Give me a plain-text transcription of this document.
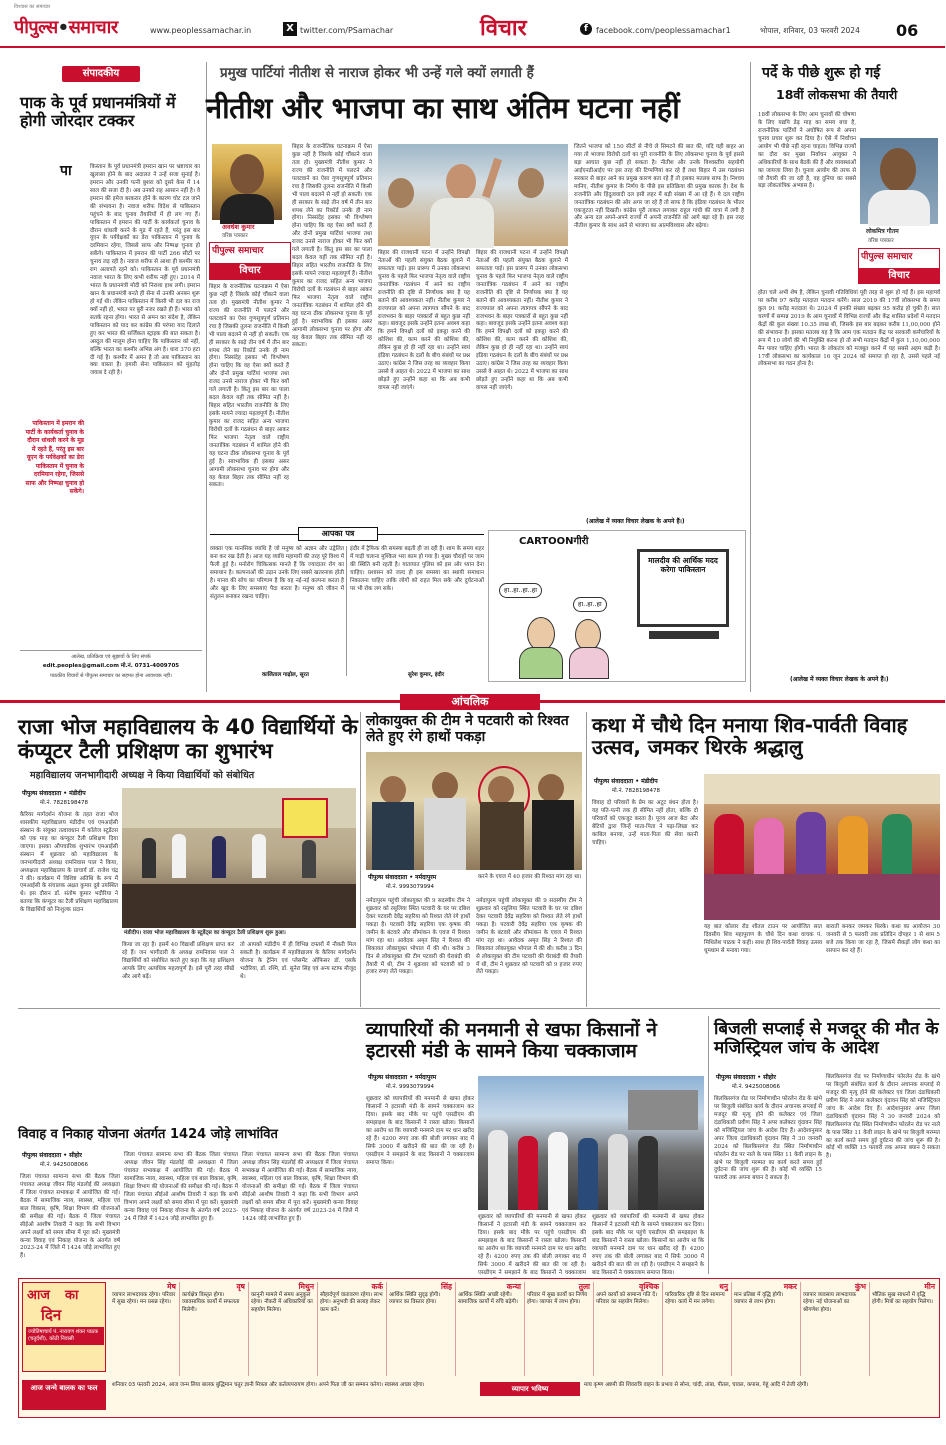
विश्वास का समाचार
पीपुल्स•समाचार	www.peoplessamachar.in	X twitter.com/PSamachar	विचार	f	facebook.com/peoplessamachar1	भोपाल, शनिवार, 03 फरवरी 2024 06
संपादकीय
पाक के पूर्व प्रधानमंत्रियों में होगी जोरदार टक्कर
पा	किस्तान के पूर्व प्रधानमंत्री इमरान खान पर भ्रष्टाचार का खुलासा होने के बाद अदालत ने उन्हें सजा सुनाई है। इमरान और उनकी पत्नी बुशरा को दूसरे केस में 14 साल की सजा दी है। अब उनको राह आसान नहीं है। वे इमरान की इमेज बरकरार होने के कारण चोट टल जाने की संभावना है। नवाज शरीफ विदेश से पाकिस्तान पहुंचने के बाद चुनाव तैयारियों में ही लग गए हैं। पाकिस्तान में इमरान की पार्टी के कार्यकर्ता चुनाव के दौरान धांधली करने के मूड में रहते हैं, परंतु इस बार यूएन के पर्यवेक्षकों का डेरा पाकिस्तान में चुनाव के दरमियान रहेगा, जिससे साफ और निष्पक्ष चुनाव हो सकेंगे। पाकिस्तान में इमरान की पार्टी 266 सीटों पर चुनाव लड़ रही है। नवाज शरीफ से आशा ही कश्मीर का राग अलापते रहने को। पाकिस्तान के पूर्व प्रधानमंत्री नवाज भारत के लिए कभी शरीफ नहीं हुए। 2014 में भारत के प्रधानमंत्री मोदी को निराशा हाथ लगी। इमरान खान के प्रधानमंत्री बनते ही सेना से उनकी अनबन शुरू हो गई थी। लेकिन पाकिस्तान में किसी भी दल का राज क्यों नहीं हो, भारत पर बुरी नजर रखते ही हैं। भारत को सतर्क रहना होगा। भारत से अमन का संदेश है, लेकिन पाकिस्तान को याद कर कांग्रेस की परंपरा याद दिलाते हुए कर भारत की सर्जिकल स्ट्राइक की बात सकता है। अब्दुल की मालूम होना चाहिए कि पाकिस्तान को नहीं, बल्कि भारत का कश्मीर अभिन्न अंग है। धारा 370 हटा दी गई है। कश्मीर में अमन है तो अब पाकिस्तान का क्या वास्ता है। हमारी सेना पाकिस्तान को मुंहतोड़ जवाब दे रही है।
पाकिस्तान में इमरान की पार्टी के कार्यकर्ता चुनाव के दौरान धांधली करने के मूड में रहते हैं, परंतु इस बार यूएन के पर्यवेक्षकों का डेरा पाकिस्तान में चुनाव के दरमियान रहेगा, जिससे साफ और निष्पक्ष चुनाव हो सकेंगे।
आलेख, प्रतिक्रिया एवं सुझावों के लिए संपर्क
edit.peoples@gmail.com मो.नं. 0731-4009705
पाठकीय विचारों से पीपुल्स समाचार का सहमत होना आवश्यक नहीं।
प्रमुख पार्टियां नीतीश से नाराज होकर भी उन्हें गले क्यों लगाती हैं
नीतीश और भाजपा का साथ अंतिम घटना नहीं
अवधेश कुमार
वरिष्ठ पत्रकार
पीपुल्स समाचार
विचार
बिहार के राजनीतिक घटनाक्रम में ऐसा कुछ नहीं है जिसके कोई चौंकाने वाला तत्व हो। मुख्यमंत्री नीतीश कुमार ने राज्य की राजनीति में पलटने और पलटवाने का ऐसा गुणसूत्रपूर्ण प्रतिमान रचा है जिसकी तुलना राजनीति में किसी भी पाला बदलने से नहीं हो सकती। एक ही सरकार के साढ़े तीन वर्ष में तीन बार शपथ लेने का रिकॉर्ड उनके ही नाम होगा। निस्संदेह इसका भी विश्लेषण होना चाहिए कि वह ऐसा क्यों करते हैं और दोनों प्रमुख पार्टियां भाजपा तथा राजद उनसे नाराज होकर भी फिर क्यों गले लगाती है। किंतु इस बार का पाला बदल केवल यहीं तक सीमित नहीं है। बिहार सहित भारतीय राजनीति के लिए इसके मायने ज्यादा महत्वपूर्ण हैं। नीतीश कुमार का राजद सहित अन्य भाजपा विरोधी दलों के गठबंधन से बाहर आकर फिर भाजपा नेतृत्व वाले राष्ट्रीय जनतांत्रिक गठबंधन में शामिल होने की यह घटना ठीक लोकसभा चुनाव के पूर्व हुई है। स्वाभाविक ही इसका असर आगामी लोकसभा चुनाव पर होगा और यह केवल बिहार तक सीमित नहीं रह सकता।
बिहार के राजनीतिक घटनाक्रम में ऐसा कुछ नहीं है जिसके कोई चौंकाने वाला तत्व हो। मुख्यमंत्री नीतीश कुमार ने राज्य की राजनीति में पलटने और पलटवाने का ऐसा गुणसूत्रपूर्ण प्रतिमान रचा है जिसकी तुलना राजनीति में किसी भी पाला बदलने से नहीं हो सकती। एक ही सरकार के साढ़े तीन वर्ष में तीन बार शपथ लेने का रिकॉर्ड उनके ही नाम होगा। निस्संदेह इसका भी विश्लेषण होना चाहिए कि वह ऐसा क्यों करते हैं और दोनों प्रमुख पार्टियां भाजपा तथा राजद उनसे नाराज होकर भी फिर क्यों गले लगाती है। किंतु इस बार का पाला बदल केवल यहीं तक सीमित नहीं है। बिहार सहित भारतीय राजनीति के लिए इसके मायने ज्यादा महत्वपूर्ण हैं। नीतीश कुमार का राजद सहित अन्य भाजपा विरोधी दलों के गठबंधन से बाहर आकर फिर भाजपा नेतृत्व वाले राष्ट्रीय जनतांत्रिक गठबंधन में शामिल होने की यह घटना ठीक लोकसभा चुनाव के पूर्व हुई है। स्वाभाविक ही इसका असर आगामी लोकसभा चुनाव पर होगा और यह केवल बिहार तक सीमित नहीं रह सकता।
बिहार की राजधानी पटना में उन्होंने विपक्षी नेताओं की पहली संयुक्त बैठक बुलाने में सफलता पाई। इस प्रारूप में उनका लोकसभा चुनाव के पहले फिर भाजपा नेतृत्व वाले राष्ट्रीय जनतांत्रिक गठबंधन में आने का राष्ट्रीय राजनीति की दृष्टि से निर्णायक क्या है यह बताने की आवश्यकता नहीं। नीतीश कुमार ने राज्यपाल को अपना त्यागपत्र सौंपने के बाद राजभवन के बाहर पत्रकारों से बहुत कुछ नहीं कहा। बावजूद इसके उन्होंने इतना अवश्य कहा कि हमने विपक्षी दलों को इकट्ठा करने की कोशिश की, काम करने की कोशिश की, लेकिन कुछ हो ही नहीं रहा था। उन्होंने स्वयं इंडिया गठबंधन के दलों के बीच संबंधों पर प्रश्न उठाए। कांग्रेस ने जिस तरह का व्यवहार किया उससे वे आहत थे। 2022 में भाजपा का साथ छोड़ते हुए उन्होंने कहा था कि अब कभी वापस नहीं जाएंगे।
बिहार की राजधानी पटना में उन्होंने विपक्षी नेताओं की पहली संयुक्त बैठक बुलाने में सफलता पाई। इस प्रारूप में उनका लोकसभा चुनाव के पहले फिर भाजपा नेतृत्व वाले राष्ट्रीय जनतांत्रिक गठबंधन में आने का राष्ट्रीय राजनीति की दृष्टि से निर्णायक क्या है यह बताने की आवश्यकता नहीं। नीतीश कुमार ने राज्यपाल को अपना त्यागपत्र सौंपने के बाद राजभवन के बाहर पत्रकारों से बहुत कुछ नहीं कहा। बावजूद इसके उन्होंने इतना अवश्य कहा कि हमने विपक्षी दलों को इकट्ठा करने की कोशिश की, काम करने की कोशिश की, लेकिन कुछ हो ही नहीं रहा था। उन्होंने स्वयं इंडिया गठबंधन के दलों के बीच संबंधों पर प्रश्न उठाए। कांग्रेस ने जिस तरह का व्यवहार किया उससे वे आहत थे। 2022 में भाजपा का साथ छोड़ते हुए उन्होंने कहा था कि अब कभी वापस नहीं जाएंगे।
जितने भाजपा को 150 सीटों से नीचे ले सिमटने की बात की, यदि यही बाहर आ गया तो भाजपा विरोधी दलों का पूरी राजनीति के लिए लोकसभा चुनाव के पूर्व इससे बड़ा आघात कुछ नहीं हो सकता है। नीतीश और उनके विश्वस्तीय सहयोगी आईएनडीआईए पर इस तरह की टिप्पणियां कर रहे हैं तथा बिहार में उस गठबंधन सरकार से बाहर आने का प्रमुख कारण बता रहे हैं तो इसका मतलब साफ है। निश्चय मानिए, नीतीश कुमार के निर्णय के पीछे इस प्रतिक्रिया की प्रमुख कारक है। देश के राजनीति और हिंदुत्ववादी दल इसी लहर में बड़ी संख्या में आ रहे हैं। ये दल राष्ट्रीय जनतांत्रिक गठबंधन की ओर अगर जा रहे हैं तो साफ है कि इंडिया गठबंधन के भीतर एकजुटता नहीं दिखती। कांग्रेस पूरी ताकत लगाकर राहुल गांधी की यात्रा में लगी है और अन्य दल अपने-अपने राज्यों में अपनी राजनीति को आगे बढ़ा रहे हैं। इस तरह नीतीश कुमार के साथ आने से भाजपा का आत्मविश्वास और बढ़ेगा।
(आलेख में व्यक्त विचार लेखक के अपने हैं।)
आपका पत्र
व्यक्ता एक मानसिक व्याधि है जो मनुष्य को अज्ञान और उद्वेलित बना कर रख देती है। आज यह व्याधि महामारी की तरह पूरे विश्व में फैली हुई है। मनोरोग चिकित्सक मानते हैं कि ज्यादातर रोग का समाधान है। कल्पनाओं की उड़ान उनके लिए सबसे खतरनाक होती है। मानव की सोच का परिणाम है कि वह नई-नई कल्पना करता है और खुद के लिए समस्याएं पैदा करता है। मनुष्य को जीवन में संतुलन बनाकर रखना चाहिए।
कालिताल गाढ़ोल, सूरत
इंदौर में ट्रैफिक की समस्या बढ़ती ही जा रही है। शाम के समय शहर में गाड़ी चलाना मुश्किल भरा काम हो गया है। मुख्य चौराहों पर जाम की स्थिति बनी रहती है। यातायात पुलिस को इस ओर ध्यान देना चाहिए। प्रशासन को जल्द ही इस समस्या का स्थायी समाधान निकालना चाहिए ताकि लोगों को राहत मिल सके और दुर्घटनाओं पर भी रोक लग सके।
सुरेश कुमार, इंदौर
CARTOONगीरी
मालदीव की आर्थिक मदद करेगा पाकिस्तान
हा..हा..हा..हा
हा..हा..हा
पर्दे के पीछे शुरू हो गई
18वीं लोकसभा की तैयारी
18वीं लोकसभा के लिए आम चुनावों की घोषणा के लिए यद्यपि डेढ़ माह का समय बचा है, राजनीतिक पार्टियों ने अघोषित रूप से अपना चुनाव प्रचार शुरू कर दिया है। ऐसे में निर्वाचन आयोग भी पीछे नहीं रहना चाहता। विभिन्न राज्यों का दौरा कर मुख्य निर्वाचन आयुक्त ने अधिकारियों के साथ बैठकें की हैं और व्यवस्थाओं का जायजा लिया है। चुनाव आयोग की तरफ से जो तैयारी की जा रही है, वह दुनिया का सबसे बड़ा लोकतांत्रिक अभ्यास है।
लोकमित्र गौतम
वरिष्ठ पत्रकार
पीपुल्स समाचार
विचार
होता चले अभी शेष है, लेकिन चुनावी गतिविधियां पूरी तरह से शुरू हो गई हैं। इस महापर्व पर करीब 97 करोड़ मतदाता मतदान करेंगे। साल 2019 की 17वीं लोकसभा के समय कुल 91 करोड़ मतदाता थे। 2024 में इनकी संख्या बढ़कर 95 करोड़ हो चुकी है। सात चरणों में सम्पन्न 2019 के आम चुनावों में विभिन्न राज्यों और केंद्र शासित प्रदेशों में मतदान केंद्रों की कुल संख्या 10.35 लाख थी, जिसके इस बार बढ़कर करीब 11,00,000 होने की संभावना है। इसका मतलब यह है कि आम एक मतदान केंद्र पर सरकारी कर्मचारियों के रूप में 10 लोगों की भी नियुक्ति करना हो तो सभी मतदान केंद्रों में कुल 1,10,00,000 मैन पावर चाहिए होगी। भारत के लोकतंत्र को मजबूत करने में यह सबसे अहम कड़ी है। 17वीं लोकसभा का कार्यकाल 16 जून 2024 को समाप्त हो रहा है, उससे पहले नई लोकसभा का गठन होना है।
(आलेख में व्यक्त विचार लेखक के अपने हैं।)
आंचलिक
राजा भोज महाविद्यालय के 40 विद्यार्थियों के कंप्यूटर टैली प्रशिक्षण का शुभारंभ
महाविद्यालय जनभागीदारी अध्यक्ष ने किया विद्यार्थियों को संबोधित
पीपुल्स संवाददाता • मंडीदीप
मो.नं. 7828198478
कैरियर मार्गदर्शन योजना के तहत राजा भोज शासकीय महाविद्यालय मंडीदीप एवं एमआईसी संस्थान के संयुक्त तत्वावधान में कॉलेज स्टूडेंटस को एक माह का कंप्यूटर टैली प्रशिक्षण दिया जाएगा। इसका औपचारिक शुभारंभ एमआईसी संस्थान में शुक्रवार को महाविद्यालय के जनभागीदारी अध्यक्ष रामनिवास पाल ने किया, अध्यक्षता महाविद्यालय के प्राचार्य डॉ. राजेश चंद्र ने की। कार्यक्रम में विशिष्ट अतिथि के रूप में एमआईसी के संचालक अक्षत कुमार दुबे उपस्थित थे। इस दौरान डॉ. संतोष कुमार भदौरिया ने बताया कि कंप्यूटर का टैली प्रशिक्षण महाविद्यालय के विद्यार्थियों को निःशुल्क प्रदान
मंडीदीप। राजा भोज महाविद्यालय के स्टूडेंट्स का कंप्यूटर टैली प्रशिक्षण शुरू हुआ।
किया जा रहा है। इसमें 40 विद्यार्थी प्रशिक्षण प्राप्त कर रहे हैं। जन भागीदारी के अध्यक्ष रामनिवास पाल ने विद्यार्थियों को संबोधित करते हुए कहा कि यह प्रशिक्षण आपके लिए अत्यधिक महत्वपूर्ण है। इसे पूरी तरह सीखें और आगे बढ़ें।
तो आपको मंडीदीप में ही विभिन्न दफ्तरों में नौकरी मिल सकती है। कार्यक्रम में महाविद्यालय के कैरियर मार्गदर्शन योजना के ट्रेनिंग एवं प्लेसमेंट ऑफिसर डॉ. एसके भदौरिया, डॉ. रश्मि, डॉ. सुनेरा सिंह एवं अन्य स्टाफ मौजूद थे।
लोकायुक्त की टीम ने पटवारी को रिश्वत लेते हुए रंगे हाथों पकड़ा
पीपुल्स संवाददाता • नर्मदापुरम
मो.नं. 9993079994
करने के एवज में 40 हजार की रिश्वत मांग रहा था।
नर्मदापुरम पहुंची लोकायुक्त की 9 सदस्यीय टीम ने शुक्रवार को रसूलिया स्थित पटवारी के घर पर दबिश देकर पटवारी देवेंद्र सहरिया को रिश्वत लेते रंगे हाथों पकड़ा है। पटवारी देवेंद्र सहरिया एक कृषक की जमीन के बंटवारे और सीमांकन के एवज में रिश्वत मांग रहा था। आवेदक अमृत सिंह ने रिश्वत की शिकायत लोकायुक्त भोपाल में की थी। करीब 3 दिन से लोकायुक्त की टीम पटवारी की घेराबंदी की तैयारी में थी, टीम ने शुक्रवार को पटवारी को 9 हजार रुपए लेते पकड़ा।
नर्मदापुरम पहुंची लोकायुक्त की 9 सदस्यीय टीम ने शुक्रवार को रसूलिया स्थित पटवारी के घर पर दबिश देकर पटवारी देवेंद्र सहरिया को रिश्वत लेते रंगे हाथों पकड़ा है। पटवारी देवेंद्र सहरिया एक कृषक की जमीन के बंटवारे और सीमांकन के एवज में रिश्वत मांग रहा था। आवेदक अमृत सिंह ने रिश्वत की शिकायत लोकायुक्त भोपाल में की थी। करीब 3 दिन से लोकायुक्त की टीम पटवारी की घेराबंदी की तैयारी में थी, टीम ने शुक्रवार को पटवारी को 9 हजार रुपए लेते पकड़ा।
कथा में चौथे दिन मनाया शिव-पार्वती विवाह उत्सव, जमकर थिरके श्रद्धालु
पीपुल्स संवाददाता • मंडीदीप
मो.नं. 7828198478
विवाह दो परिवारों के प्रेम का अटूट बंधन होता है। यह पति-पत्नी तक ही सीमित नहीं होता, बल्कि दो परिवारों को एकजुट करता है। पूज्य आज बेटा और बेटियों द्वारा जिन्हें माता-पिता ने पढ़ा-लिखा कर काबिल बनाया, उन्हें माता-पिता की सेवा करनी चाहिए।
यह बात कोलार रोड शीतल टाउन पर आयोजित सात दिवसीय शिव महापुराण के चौथे दिन कथा वाचक पं. मिथिलेश पाठक ने कही। साथ ही शिव-पार्वती विवाह उत्सव धूमधाम से मनाया गया।
बाराती बनकर जमकर थिरके। कथा का आयोजन 30 जनवरी से 5 फरवरी तक प्रतिदिन दोपहर 1 से शाम 5 बजे तक किया जा रहा है, जिसमें सैकड़ों लोग कथा का रसपान कर रहे हैं।
विवाह व निकाह योजना अंतर्गत 1424 जोड़े लाभांवित
पीपुल्स संवाददाता • सीहोर
मो.नं. 9425008066
जिला पंचायत सामान्य सभा की बैठक जिला पंचायत अध्यक्ष जीवन सिंह मंडलोई की अध्यक्षता में जिला पंचायत सभाकक्ष में आयोजित की गई। बैठक में सामाजिक न्याय, स्वास्थ्य, महिला एवं बाल विकास, कृषि, शिक्षा विभाग की योजनाओं की समीक्षा की गई। बैठक में जिला पंचायत सीईओ आशीष तिवारी ने कहा कि सभी विभाग अपने लक्ष्यों को समय सीमा में पूरा करें। मुख्यमंत्री कन्या विवाह एवं निकाह योजना के अंतर्गत वर्ष 2023-24 में जिले में 1424 जोड़े लाभांवित हुए हैं।
जिला पंचायत सामान्य सभा की बैठक जिला पंचायत अध्यक्ष जीवन सिंह मंडलोई की अध्यक्षता में जिला पंचायत सभाकक्ष में आयोजित की गई। बैठक में सामाजिक न्याय, स्वास्थ्य, महिला एवं बाल विकास, कृषि, शिक्षा विभाग की योजनाओं की समीक्षा की गई। बैठक में जिला पंचायत सीईओ आशीष तिवारी ने कहा कि सभी विभाग अपने लक्ष्यों को समय सीमा में पूरा करें। मुख्यमंत्री कन्या विवाह एवं निकाह योजना के अंतर्गत वर्ष 2023-24 में जिले में 1424 जोड़े लाभांवित हुए हैं।
जिला पंचायत सामान्य सभा की बैठक जिला पंचायत अध्यक्ष जीवन सिंह मंडलोई की अध्यक्षता में जिला पंचायत सभाकक्ष में आयोजित की गई। बैठक में सामाजिक न्याय, स्वास्थ्य, महिला एवं बाल विकास, कृषि, शिक्षा विभाग की योजनाओं की समीक्षा की गई। बैठक में जिला पंचायत सीईओ आशीष तिवारी ने कहा कि सभी विभाग अपने लक्ष्यों को समय सीमा में पूरा करें। मुख्यमंत्री कन्या विवाह एवं निकाह योजना के अंतर्गत वर्ष 2023-24 में जिले में 1424 जोड़े लाभांवित हुए हैं।
व्यापारियों की मनमानी से खफा किसानों ने इटारसी मंडी के सामने किया चक्काजाम
पीपुल्स संवाददाता • नर्मदापुरम
मो.नं. 9993079994
शुक्रवार को व्यापारियों की मनमानी से खफा होकर किसानों ने इटारसी मंडी के सामने चक्काजाम कर दिया। इसके बाद मौके पर पहुंचे एसडीएम की समझाइश के बाद किसानों ने रास्ता खोला। किसानों का आरोप था कि व्यापारी मनमाने दाम पर धान खरीद रहे हैं। 4200 रुपए तक की बोली लगाकर बाद में सिर्फ 3000 में खरीदने की बात की जा रही है। एसडीएम ने समझाने के बाद किसानों ने चक्काजाम समाप्त किया।
शुक्रवार को व्यापारियों की मनमानी से खफा होकर किसानों ने इटारसी मंडी के सामने चक्काजाम कर दिया। इसके बाद मौके पर पहुंचे एसडीएम की समझाइश के बाद किसानों ने रास्ता खोला। किसानों का आरोप था कि व्यापारी मनमाने दाम पर धान खरीद रहे हैं। 4200 रुपए तक की बोली लगाकर बाद में सिर्फ 3000 में खरीदने की बात की जा रही है। एसडीएम ने समझाने के बाद किसानों ने चक्काजाम
शुक्रवार को व्यापारियों की मनमानी से खफा होकर किसानों ने इटारसी मंडी के सामने चक्काजाम कर दिया। इसके बाद मौके पर पहुंचे एसडीएम की समझाइश के बाद किसानों ने रास्ता खोला। किसानों का आरोप था कि व्यापारी मनमाने दाम पर धान खरीद रहे हैं। 4200 रुपए तक की बोली लगाकर बाद में सिर्फ 3000 में खरीदने की बात की जा रही है। एसडीएम ने समझाने के बाद किसानों ने चक्काजाम समाप्त किया।
बिजली सप्लाई से मजदूर की मौत के मजिस्ट्रियल जांच के आदेश
पीपुल्स संवाददाता • सीहोर
मो.नं. 9425008066
बिलकिसगंज रोड पर निर्माणाधीन फोरलेन रोड के खंभे पर बिजुली संबंधित कार्य के दौरान अचानक सप्लाई से मजदूर की मृत्यु होने की कलेक्टर एवं जिला दंडाधिकारी प्रवीण सिंह ने अपर कलेक्टर वृंदावन सिंह को मजिस्ट्रियल जांच के आदेश दिए हैं। आदेशानुसार अपर जिला दंडाधिकारी वृंदावन सिंह ने 30 जनवरी 2024 को बिलकिसगंज रोड स्थित निर्माणाधीन फोरलेन रोड पर नाले के पास स्थित 11 केवी लाइन के खंभे पर बिजुली मरम्मत का कार्य करते समय हुई दुर्घटना की जांच शुरू की है। कोई भी व्यक्ति 15 फरवरी तक अपना बयान दे सकता है।
बिलकिसगंज रोड पर निर्माणाधीन फोरलेन रोड के खंभे पर बिजुली संबंधित कार्य के दौरान अचानक सप्लाई से मजदूर की मृत्यु होने की कलेक्टर एवं जिला दंडाधिकारी प्रवीण सिंह ने अपर कलेक्टर वृंदावन सिंह को मजिस्ट्रियल जांच के आदेश दिए हैं। आदेशानुसार अपर जिला दंडाधिकारी वृंदावन सिंह ने 30 जनवरी 2024 को बिलकिसगंज रोड स्थित निर्माणाधीन फोरलेन रोड पर नाले के पास स्थित 11 केवी लाइन के खंभे पर बिजुली मरम्मत का कार्य करते समय हुई दुर्घटना की जांच शुरू की है। कोई भी व्यक्ति 15 फरवरी तक अपना बयान दे सकता है।
आज का
दिन
ज्योतिषाचार्य पं. नारायण शंकर पाठक (चतुर्दशी), कोठी निवासी
मेष
व्यापार लाभदायक रहेगा। परिवार में सुख रहेगा। मन प्रसन्न रहेगा।
वृष
कार्यक्षेत्र विस्तृत होगा। व्यावसायिक कार्यों में सफलता मिलेगी।
मिथुन
कानूनी मामले में समय अनुकूल रहेगा। नौकरी में अधिकारियों का सहयोग मिलेगा।
कर्क
सौहार्दपूर्ण वातावरण रहेगा। लाभ होगा। अनुभवी की सलाह लेकर काम करें।
सिंह
आर्थिक स्थिति सुदृढ़ होगी। व्यापार का विस्तार होगा।
कन्या
आर्थिक स्थिति अच्छी रहेगी। सामाजिक कार्यों में रुचि बढ़ेगी।
तुला
परिवार में सुख कार्यों का निर्णय होगा। व्यापार में लाभ होगा।
वृश्चिक
अपने कार्यों को सामान्य गति दें। परिवार का सहयोग मिलेगा।
धनु
पारिवारिक दृष्टि से दिन सामान्य रहेगा। कार्य में मन लगेगा।
मकर
मान प्रतिष्ठा में वृद्धि होगी। व्यापार से लाभ होगा।
कुंभ
व्यापार व्यवसाय लाभदायक रहेगा। नई योजनाओं का श्रीगणेश होगा।
मीन
भौतिक सुख साधनों में वृद्धि होगी। मित्रों का सहयोग मिलेगा।
आज जन्मे बालक का फल	शनिवार 03 फरवरी 2024, आज जन्म लिया बालक बुद्धिमान चतुर ज्ञानी मित्रता और कर्तव्यपरायण होगा। अपने पिता जी का सम्मान करेगा। स्वास्थ्य अच्छा रहेगा।	व्यापार भविष्य	माघ कृष्ण अष्टमी की शिवरात्रि वाहन के प्रभाव से सोना, चांदी, तांबा, पीतल, चावल, कपास, गेहूं आदि में तेजी रहेगी।
